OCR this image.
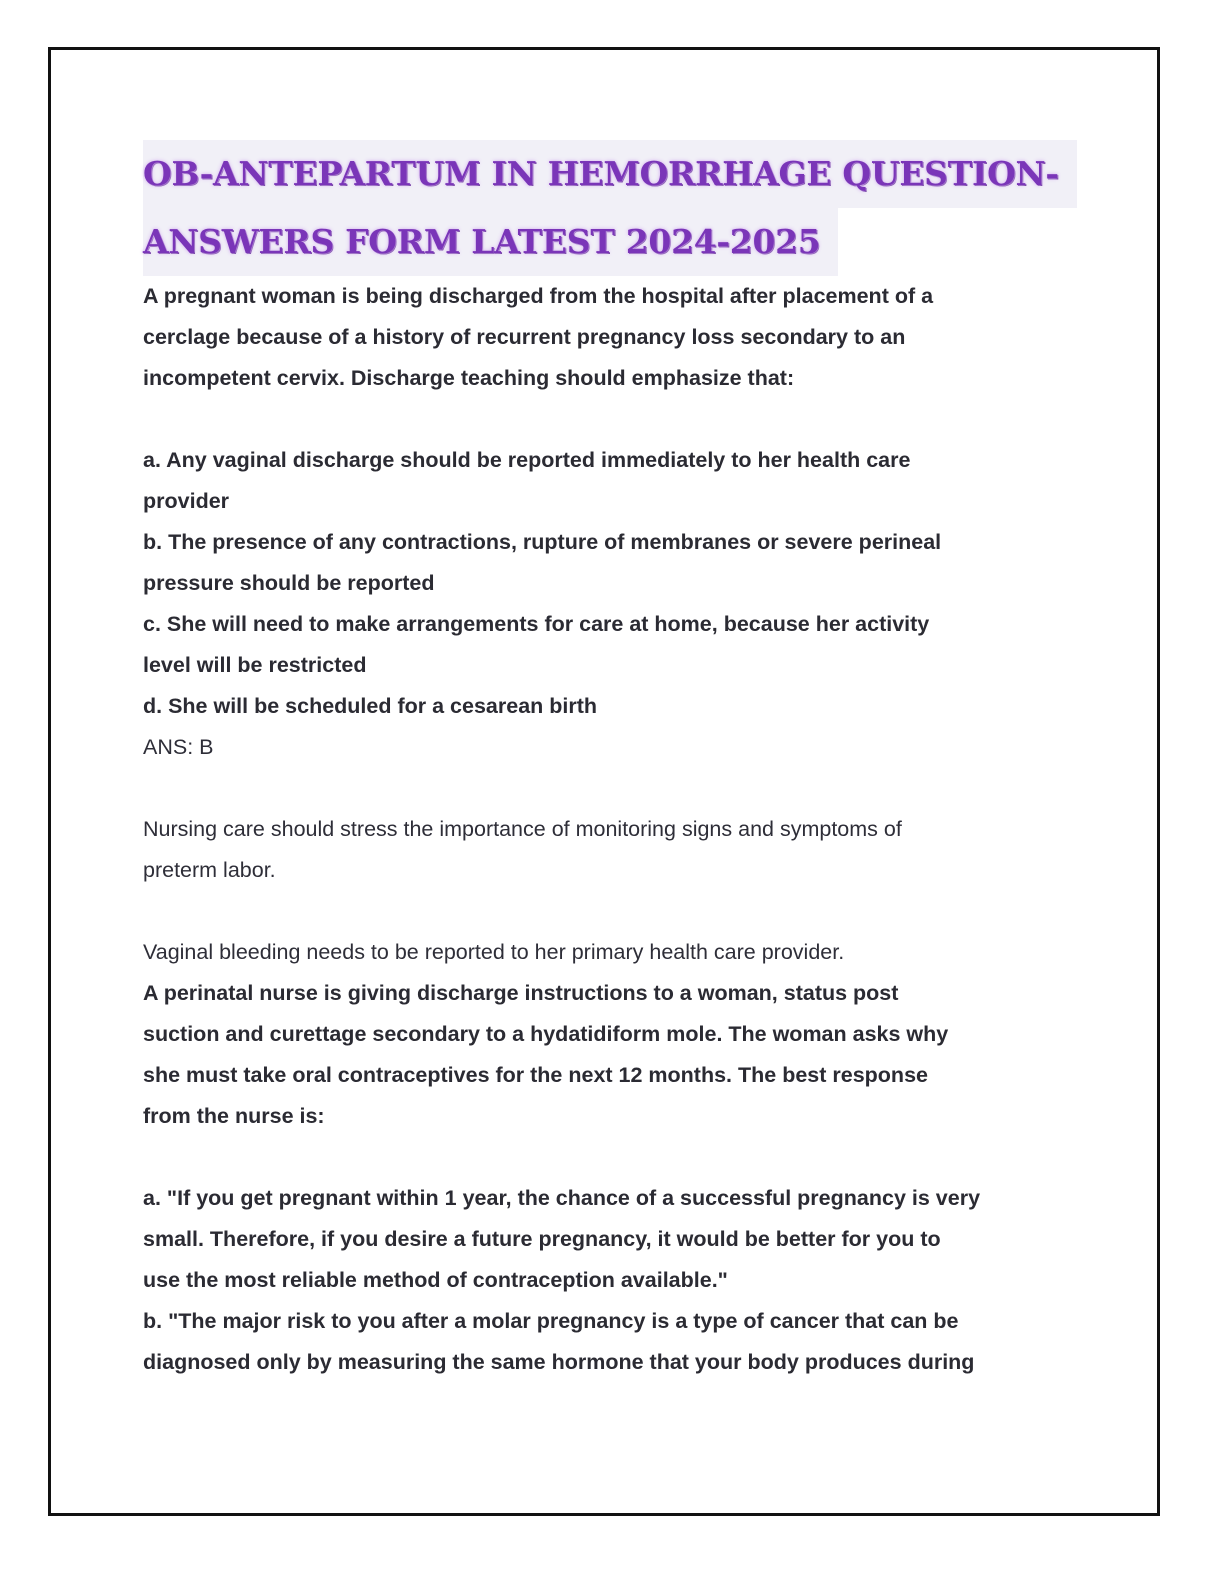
OB-ANTEPARTUM IN HEMORRHAGE QUESTION-
ANSWERS FORM LATEST 2024-2025

A pregnant woman is being discharged from the hospital after placement of a

cerclage because of a history of recurrent pregnancy loss secondary to an

incompetent cervix. Discharge teaching should emphasize that:

a. Any vaginal discharge should be reported immediately to her health care

provider

b. The presence of any contractions, rupture of membranes or severe perineal

pressure should be reported

c. She will need to make arrangements for care at home, because her activity

level will be restricted

d. She will be scheduled for a cesarean birth

ANS: B

Nursing care should stress the importance of monitoring signs and symptoms of

preterm labor.

Vaginal bleeding needs to be reported to her primary health care provider.

A perinatal nurse is giving discharge instructions to a woman, status post

suction and curettage secondary to a hydatidiform mole. The woman asks why

she must take oral contraceptives for the next 12 months. The best response

from the nurse is:

a. "If you get pregnant within 1 year, the chance of a successful pregnancy is very

small. Therefore, if you desire a future pregnancy, it would be better for you to

use the most reliable method of contraception available."

b. "The major risk to you after a molar pregnancy is a type of cancer that can be

diagnosed only by measuring the same hormone that your body produces during
